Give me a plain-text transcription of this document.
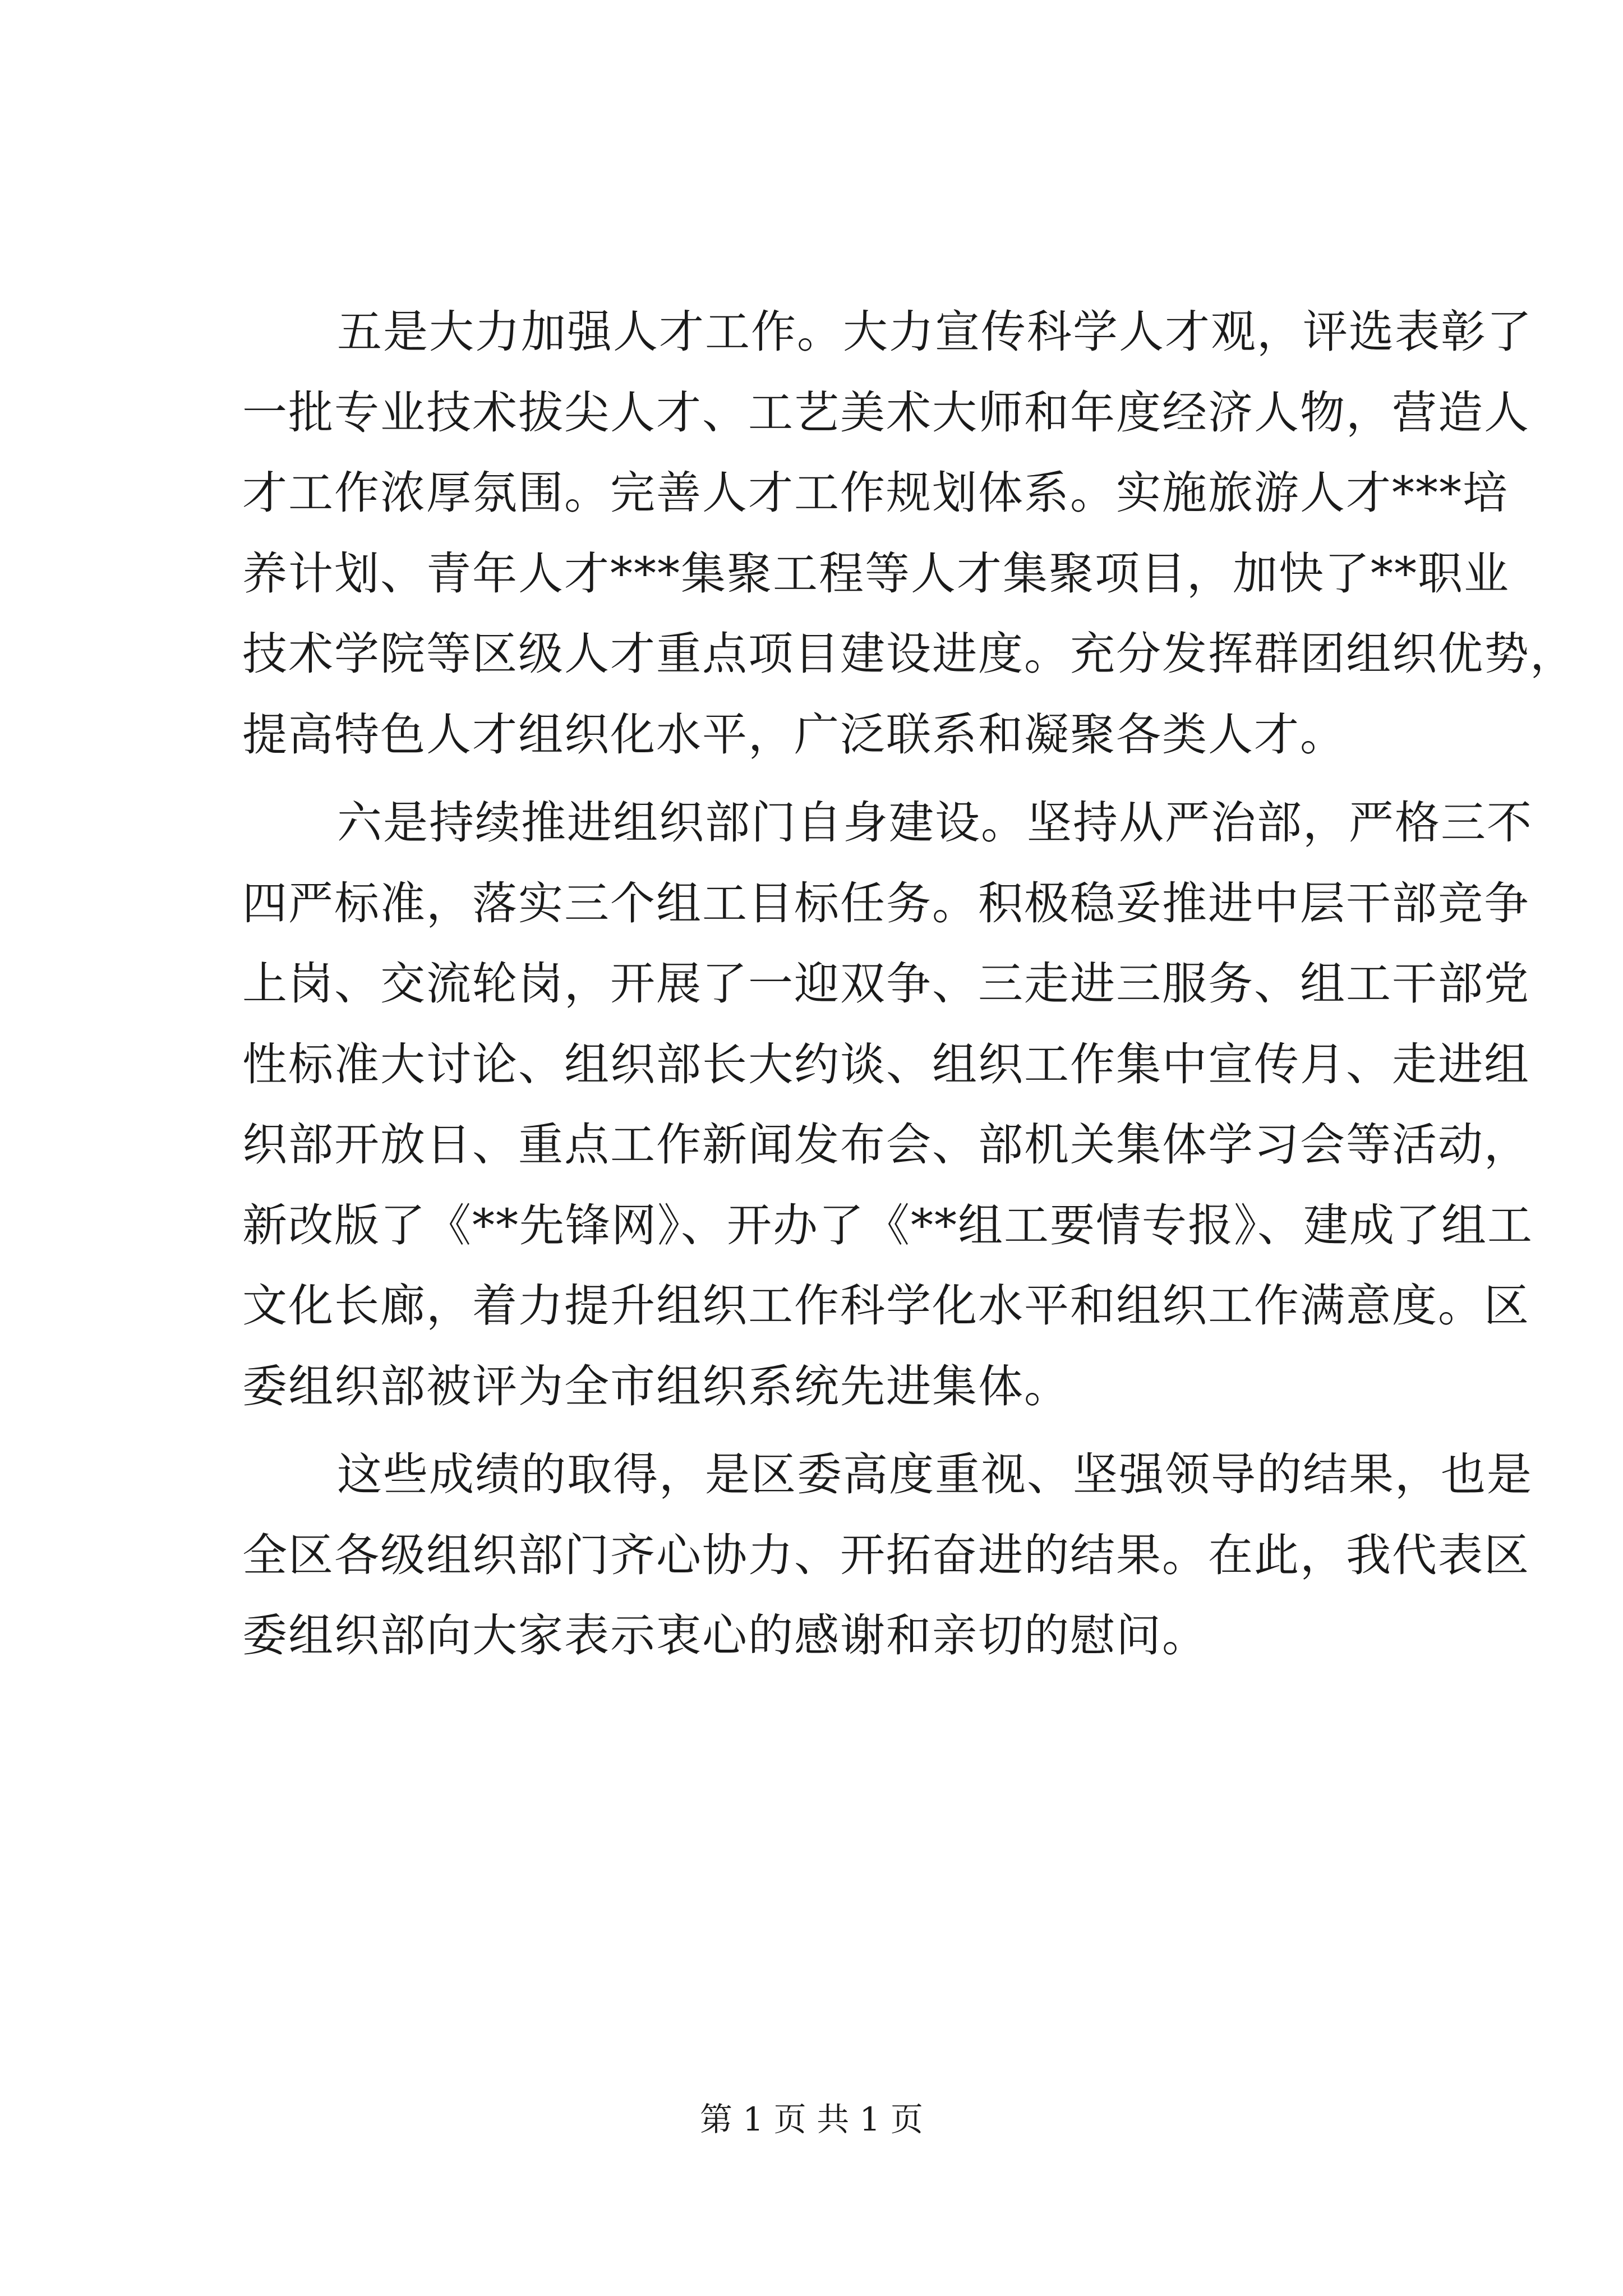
五是大力加强人才工作。大力宣传科学人才观，评选表彰了
一批专业技术拔尖人才、工艺美术大师和年度经济人物，营造人
才工作浓厚氛围。完善人才工作规划体系。实施旅游人才***培
养计划、青年人才***集聚工程等人才集聚项目，加快了**职业
技术学院等区级人才重点项目建设进度。充分发挥群团组织优势，
提高特色人才组织化水平，广泛联系和凝聚各类人才。
六是持续推进组织部门自身建设。坚持从严治部，严格三不
四严标准，落实三个组工目标任务。积极稳妥推进中层干部竞争
上岗、交流轮岗，开展了一迎双争、三走进三服务、组工干部党
性标准大讨论、组织部长大约谈、组织工作集中宣传月、走进组
织部开放日、重点工作新闻发布会、部机关集体学习会等活动，
新改版了《**先锋网》、开办了《**组工要情专报》、建成了组工
文化长廊，着力提升组织工作科学化水平和组织工作满意度。区
委组织部被评为全市组织系统先进集体。
这些成绩的取得，是区委高度重视、坚强领导的结果，也是
全区各级组织部门齐心协力、开拓奋进的结果。在此，我代表区
委组织部向大家表示衷心的感谢和亲切的慰问。
第 1 页 共 1 页
